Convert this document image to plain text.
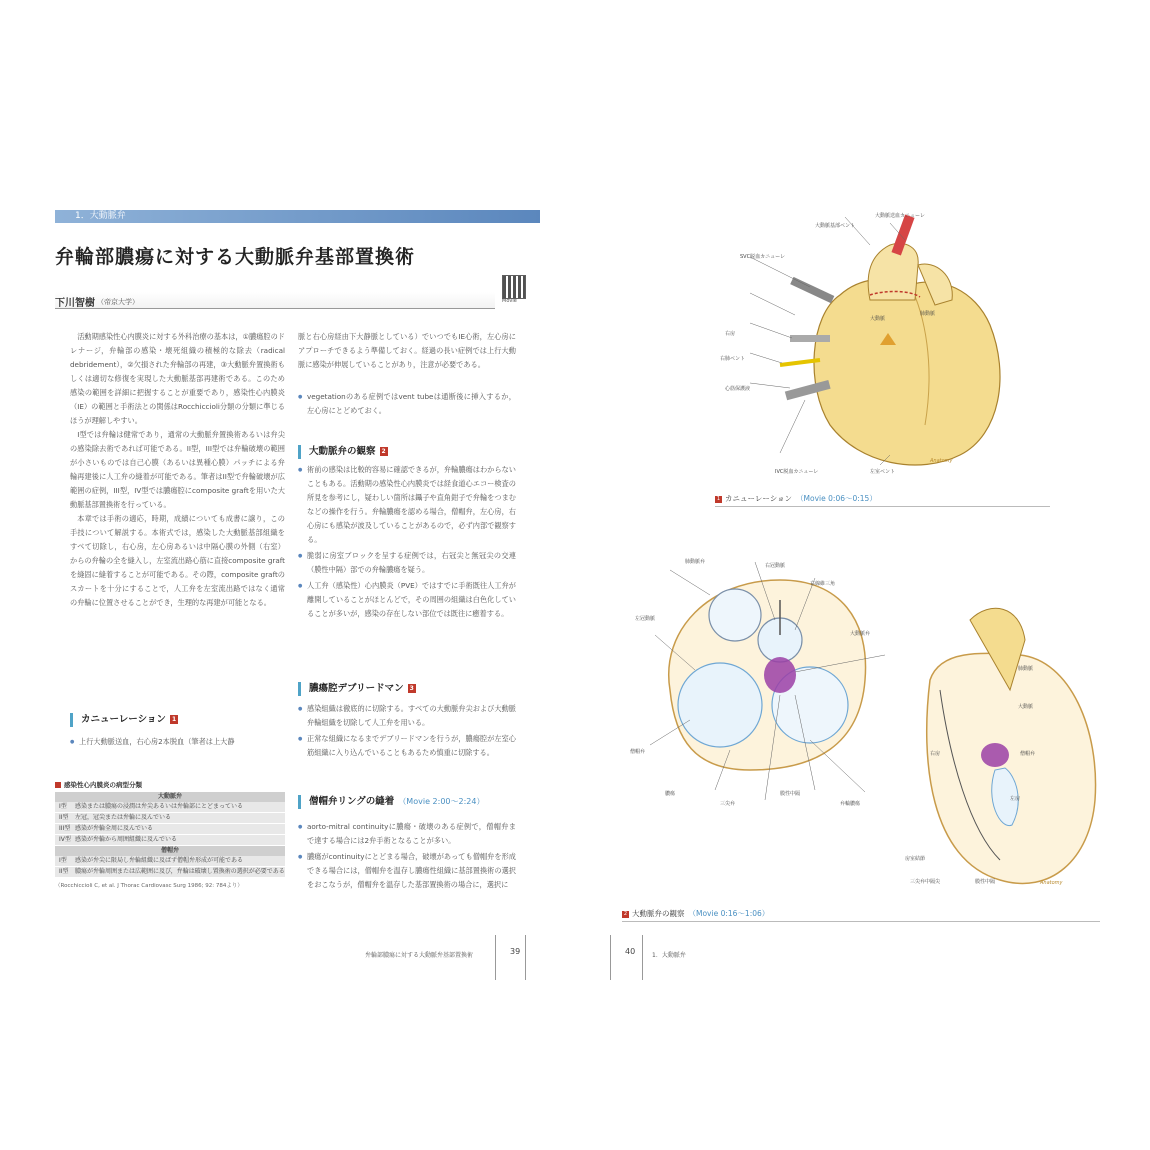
1．大動脈弁
弁輪部膿瘍に対する大動脈弁基部置換術
Movie
下川智樹 （帝京大学）

活動期感染性心内膜炎に対する外科治療の基本は，①膿瘍腔のドレナージ，弁輪部の感染・壊死組織の積極的な除去（radical debridement），②欠損された弁輪部の再建，③大動脈弁置換術もしくは適切な修復を実現した大動脈基部再建術である。このため感染の範囲を詳細に把握することが重要であり，感染性心内膜炎（IE）の範囲と手術法との関係はRocchiccioli分類の分類に準じるほうが理解しやすい。

I型では弁輪は健常であり，通常の大動脈弁置換術あるいは弁尖の感染除去術であれば可能である。II型，III型では弁輪破壊の範囲が小さいものでは自己心膜（あるいは異種心膜）パッチによる弁輪再建後に人工弁の縫着が可能である。筆者はII型で弁輪破壊が広範囲の症例，III型，IV型では膿瘍腔にcomposite graftを用いた大動脈基部置換術を行っている。

本章では手術の適応，時期，成績についても成書に譲り，この手技について解説する。本術式では，感染した大動脈基部組織をすべて切除し，右心房，左心房あるいは中隔心膜の外側（右室）からの弁輪の全を縫入し，左室流出路心筋に直接composite graftを縫固に縫着することが可能である。その際，composite graftのスカートを十分にすることで，人工弁を左室流出路ではなく通常の弁輪に位置させることができ，生理的な再建が可能となる。

カニューレーション 1
● 上行大動脈送血，右心房2本脱血（筆者は上大静
感染性心内膜炎の病型分類
大動脈弁
I型 感染または膿瘍の浸潤は弁尖あるいは弁輪部にとどまっている
II型 左冠，冠尖または弁輪に及んでいる
III型 感染が弁輪全周に及んでいる
IV型 感染が弁輪から周囲組織に及んでいる
僧帽弁
I型 感染が弁尖に限局し弁輪組織に及ばず僧帽弁形成が可能である
II型 膿瘍が弁輪周囲または広範囲に及び，弁輪は破壊し置換術の選択が必要である
（Rocchiccioli C, et al. J Thorac Cardiovasc Surg 1986; 92: 784より）
脈と右心房経由下大静脈としている）でいつでもIE心術，左心房にアプローチできるよう準備しておく。経過の長い症例では上行大動脈に感染が伸展していることがあり，注意が必要である。
● vegetationのある症例ではvent tubeは通断後に挿入するか，左心房にとどめておく。
大動脈弁の観察 2
● 術前の感染は比較的容易に確認できるが，弁輪膿瘍はわからないこともある。活動期の感染性心内膜炎では経食道心エコー検査の所見を参考にし，疑わしい箇所は鑷子や直角鉗子で弁輪をつまむなどの操作を行う。弁輪膿瘍を認める場合，僧帽弁，左心房，右心房にも感染が波及していることがあるので，必ず内部で観察する。
● 脆弱に房室ブロックを呈する症例では，右冠尖と無冠尖の交連（膜性中隔）部での弁輪膿瘍を疑う。
● 人工弁（感染性）心内膜炎（PVE）ではすでに手術既往人工弁が離開していることがほとんどで，その周囲の組織は白色化していることが多いが，感染の存在しない部位では既往に癒着する。
膿瘍腔デブリードマン 3
● 感染組織は徹底的に切除する。すべての大動脈弁尖および大動脈弁輪組織を切除して人工弁を用いる。
● 正常な組織になるまでデブリードマンを行うが，膿瘍腔が左室心筋組織に入り込んでいることもあるため慎重に切除する。
僧帽弁リングの縫着 （Movie 2:00〜2:24）
● aorto-mitral continuityに膿瘍・破壊のある症例で，僧帽弁まで達する場合には2弁手術となることが多い。
● 膿瘍がcontinuityにとどまる場合，破壊があっても僧帽弁を形成できる場合には，僧帽弁を温存し膿瘍性組織に基部置換術の選択をおこなうが，僧帽弁を温存した基部置換術の場合に，選択に
弁輪部膿瘍に対する大動脈弁基部置換術	39
大動脈送血カニューレ
大動脈基部ベント
SVC脱血カニューレ
大動脈
肺動脈
右房
右肺ベント
心筋保護液
IVC脱血カニューレ	左室ベント
Anatomy
1 カニューレーション （Movie 0:06〜0:15）
肺動脈弁
右冠動脈
右線維三角
左冠動脈
大動脈弁
僧帽弁
膿瘍
三尖弁
膜性中隔
弁輪膿瘍
肺動脈
大動脈
右房
左房
僧帽弁
房室結節
三尖弁中隔尖	膜性中隔	Anatomy
2 大動脈弁の観察 （Movie 0:16〜1:06）
40	1．大動脈弁
